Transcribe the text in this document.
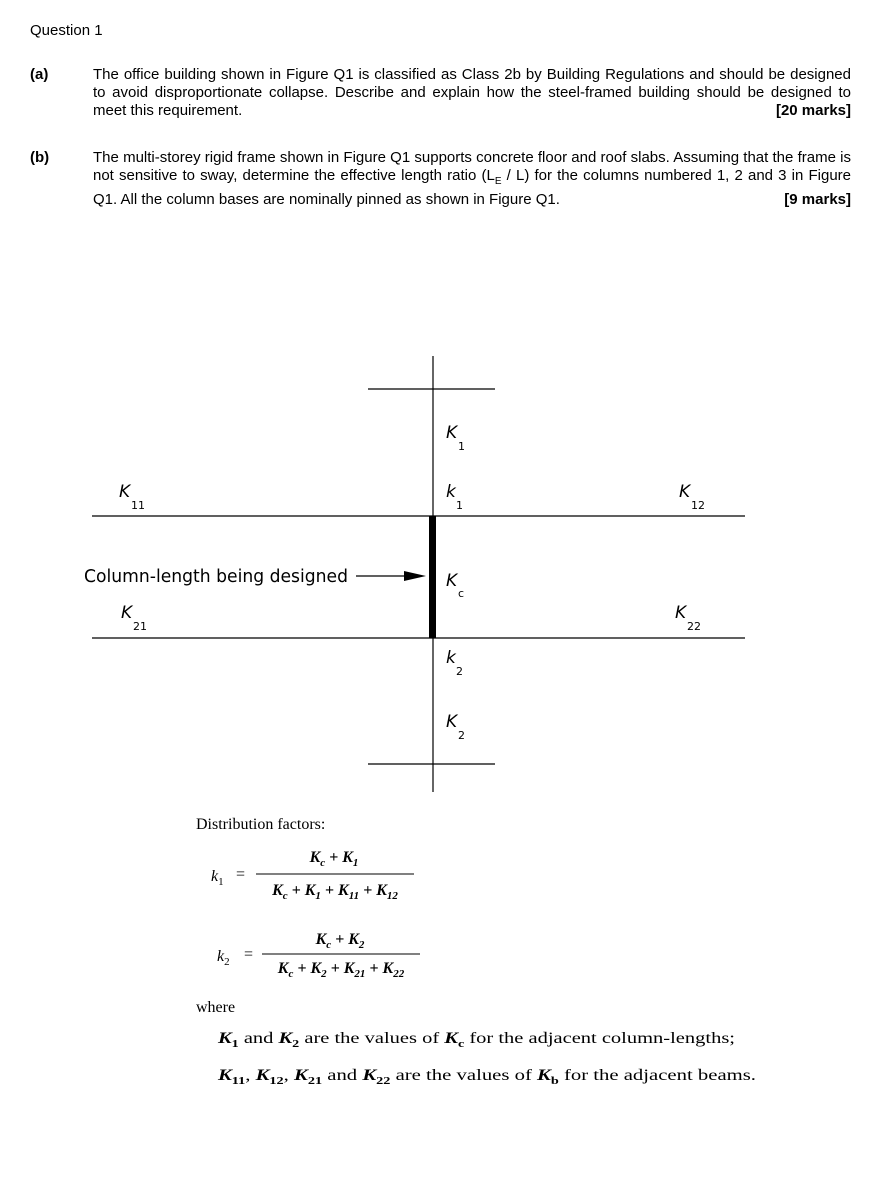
Question 1
(a)	The office building shown in Figure Q1 is classified as Class 2b by Building Regulations and should be designed to avoid disproportionate collapse. Describe and explain how the steel-framed building should be designed to meet this requirement.	[20 marks]
(b)	The multi-storey rigid frame shown in Figure Q1 supports concrete floor and roof slabs. Assuming that the frame is not sensitive to sway, determine the effective length ratio $(L_E / L)$ for the columns numbered 1, 2 and 3 in Figure Q1. All the column bases are nominally pinned as shown in Figure Q1.	[9 marks]
K
k
K	K
K
K	K
k
K
1
1
11	12
c
21	22
2
2
Column-length being designed
Distribution factors:
$k_1$ =
$K_c + K_1$
$K_c + K_1 + K_{11} + K_{12}$
$k_2$ =
$K_c + K_2$
$K_c + K_2 + K_{21} + K_{22}$
where
K $_1$ and K $_2$ are the values of K $_c$ for the adjacent column-lengths;
K $_{11}$ , K $_{12}$ , K $_{21}$ and K $_{22}$ are the values of K $_b$ for the adjacent beams.
